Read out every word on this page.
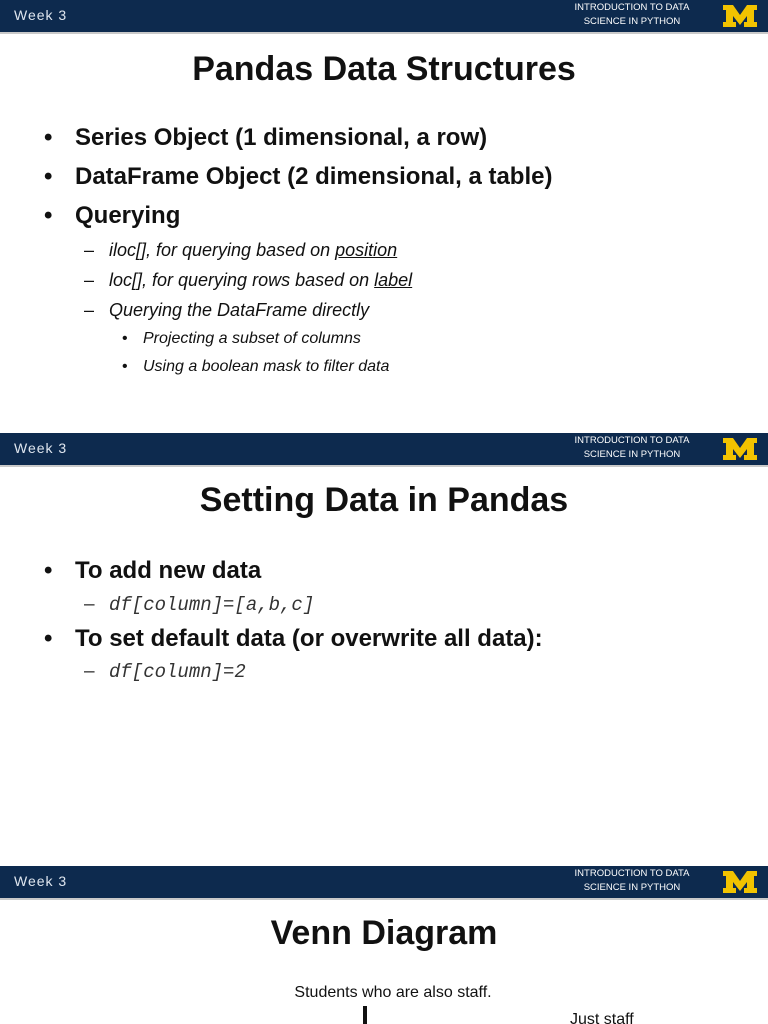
Week 3	INTRODUCTION TO DATA
SCIENCE IN PYTHON
Pandas Data Structures
• Series Object (1 dimensional, a row)
• DataFrame Object (2 dimensional, a table)
• Querying
– iloc[], for querying based on position
– loc[], for querying rows based on label
– Querying the DataFrame directly
• Projecting a subset of columns
• Using a boolean mask to filter data
Week 3	INTRODUCTION TO DATA
SCIENCE IN PYTHON
Setting Data in Pandas
• To add new data
– df[column]=[a,b,c]
• To set default data (or overwrite all data):
– df[column]=2
Week 3	INTRODUCTION TO DATA
SCIENCE IN PYTHON
Venn Diagram
Students who are also staff.
Just staff
